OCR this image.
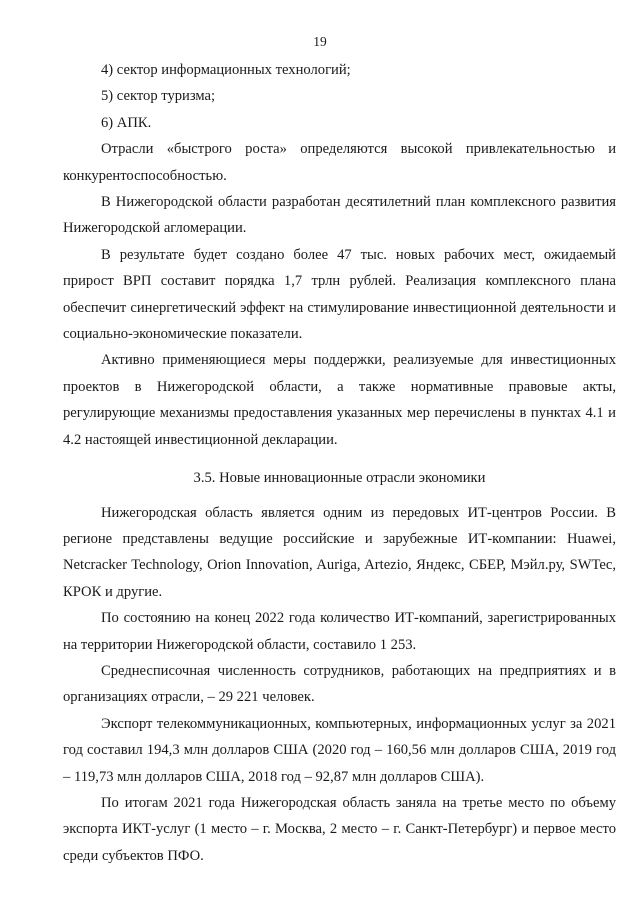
19

4) сектор информационных технологий;

5) сектор туризма;

6) АПК.

Отрасли «быстрого роста» определяются высокой привлекательностью и конкурентоспособностью.

В Нижегородской области разработан десятилетний план комплексного развития Нижегородской агломерации.

В результате будет создано более 47 тыс. новых рабочих мест, ожидаемый прирост ВРП составит порядка 1,7 трлн рублей. Реализация комплексного плана обеспечит синергетический эффект на стимулирование инвестиционной деятельности и социально-экономические показатели.

Активно применяющиеся меры поддержки, реализуемые для инвестиционных проектов в Нижегородской области, а также нормативные правовые акты, регулирующие механизмы предоставления указанных мер перечислены в пунктах 4.1 и 4.2 настоящей инвестиционной декларации.

3.5. Новые инновационные отрасли экономики

Нижегородская область является одним из передовых ИТ-центров России. В регионе представлены ведущие российские и зарубежные ИТ-компании: Huawei, Netcracker Technology, Orion Innovation, Auriga, Artezio, Яндекс, СБЕР, Мэйл.ру, SWTec, КРОК и другие.

По состоянию на конец 2022 года количество ИТ-компаний, зарегистрированных на территории Нижегородской области, составило 1 253.

Среднесписочная численность сотрудников, работающих на предприятиях и в организациях отрасли, – 29 221 человек.

Экспорт телекоммуникационных, компьютерных, информационных услуг за 2021 год составил 194,3 млн долларов США (2020 год – 160,56 млн долларов США, 2019 год – 119,73 млн долларов США, 2018 год – 92,87 млн долларов США).

По итогам 2021 года Нижегородская область заняла на третье место по объему экспорта ИКТ-услуг (1 место – г. Москва, 2 место – г. Санкт-Петербург) и первое место среди субъектов ПФО.
